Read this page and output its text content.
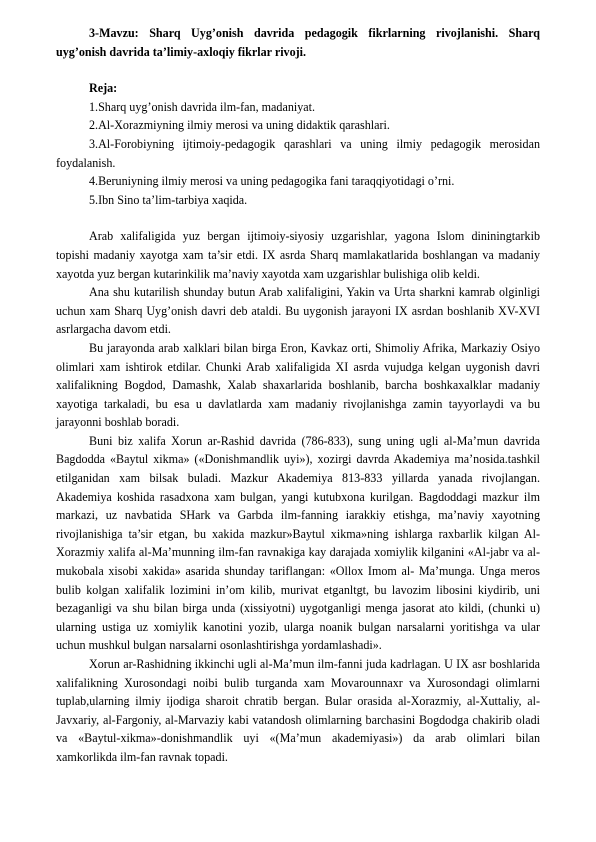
3-Mavzu: Sharq Uyg’onish davrida pedagogik fikrlarning rivojlanishi. Sharq uyg’onish davrida ta’limiy-axloqiy fikrlar rivoji.

Reja:
1.Sharq uyg’onish davrida ilm-fan, madaniyat.
2.Al-Xorazmiyning ilmiy merosi va uning didaktik qarashlari.
3.Al-Forobiyning ijtimoiy-pedagogik qarashlari va uning ilmiy pedagogik merosidan foydalanish.
4.Beruniyning ilmiy merosi va uning pedagogika fani taraqqiyotidagi o’rni.
5.Ibn Sino ta’lim-tarbiya xaqida.

Arab xalifaligida yuz bergan ijtimoiy-siyosiy uzgarishlar, yagona Islom dininingtarkib topishi madaniy xayotga xam ta’sir etdi. IX asrda Sharq mamlakatlarida boshlangan va madaniy xayotda yuz bergan kutarinkilik ma’naviy xayotda xam uzgarishlar bulishiga olib keldi.

Ana shu kutarilish shunday butun Arab xalifaligini, Yakin va Urta sharkni kamrab olginligi uchun xam Sharq Uyg’onish davri deb ataldi. Bu uygonish jarayoni IX asrdan boshlanib XV-XVI asrlargacha davom etdi.

Bu jarayonda arab xalklari bilan birga Eron, Kavkaz orti, Shimoliy Afrika, Markaziy Osiyo olimlari xam ishtirok etdilar. Chunki Arab xalifaligida XI asrda vujudga kelgan uygonish davri xalifalikning Bogdod, Damashk, Xalab shaxarlarida boshlanib, barcha boshkaxalklar madaniy xayotiga tarkaladi, bu esa u davlatlarda xam madaniy rivojlanishga zamin tayyorlaydi va bu jarayonni boshlab boradi.

Buni biz xalifa Xorun ar-Rashid davrida (786-833), sung uning ugli al-Ma’mun davrida Bagdodda «Baytul xikma» («Donishmandlik uyi»), xozirgi davrda Akademiya ma’nosida.tashkil etilganidan xam bilsak buladi. Mazkur Akademiya 813-833 yillarda yanada rivojlangan. Akademiya koshida rasadxona xam bulgan, yangi kutubxona kurilgan. Bagdoddagi mazkur ilm markazi, uz navbatida SHark va Garbda ilm-fanning iarakkiy etishga, ma’naviy xayotning rivojlanishiga ta’sir etgan, bu xakida mazkur»Baytul xikma»ning ishlarga raxbarlik kilgan Al-Xorazmiy xalifa al-Ma’munning ilm-fan ravnakiga kay darajada xomiylik kilganini «Al-jabr va al-mukobala xisobi xakida» asarida shunday tariflangan: «Ollox Imom al- Ma’munga. Unga meros bulib kolgan xalifalik lozimini in’om kilib, murivat etganltgt, bu lavozim libosini kiydirib, uni bezaganligi va shu bilan birga unda (xissiyotni) uygotganligi menga jasorat ato kildi, (chunki u) ularning ustiga uz xomiylik kanotini yozib, ularga noanik bulgan narsalarni yoritishga va ular uchun mushkul bulgan narsalarni osonlashtirishga yordamlashadi».

Xorun ar-Rashidning ikkinchi ugli al-Ma’mun ilm-fanni juda kadrlagan. U IX asr boshlarida xalifalikning Xurosondagi noibi bulib turganda xam Movarounnaxr va Xurosondagi olimlarni tuplab,ularning ilmiy ijodiga sharoit chratib bergan. Bular orasida al-Xorazmiy, al-Xuttaliy, al-Javxariy, al-Fargoniy, al-Marvaziy kabi vatandosh olimlarning barchasini Bogdodga chakirib oladi va «Baytul-xikma»-donishmandlik uyi «(Ma’mun akademiyasi») da arab olimlari bilan xamkorlikda ilm-fan ravnak topadi.
